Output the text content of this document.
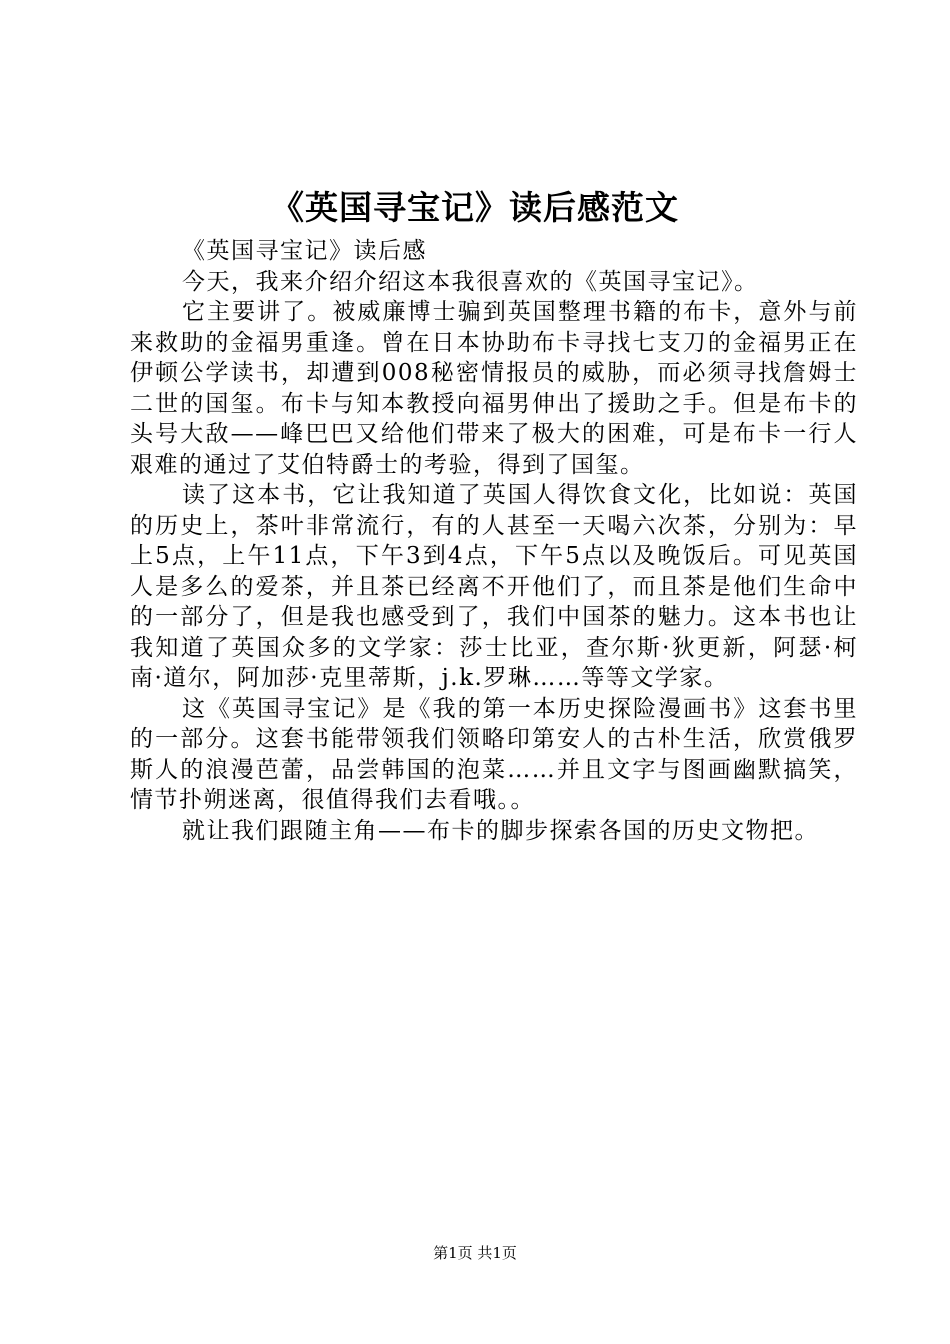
《英国寻宝记》读后感范文

《英国寻宝记》读后感

今天，我来介绍介绍这本我很喜欢的《英国寻宝记》。

它主要讲了。被威廉博士骗到英国整理书籍的布卡，意外与前来救助的金福男重逢。曾在日本协助布卡寻找七支刀的金福男正在伊顿公学读书，却遭到008秘密情报员的威胁，而必须寻找詹姆士二世的国玺。布卡与知本教授向福男伸出了援助之手。但是布卡的头号大敌——峰巴巴又给他们带来了极大的困难，可是布卡一行人艰难的通过了艾伯特爵士的考验，得到了国玺。

读了这本书，它让我知道了英国人得饮食文化，比如说：英国的历史上，茶叶非常流行，有的人甚至一天喝六次茶，分别为：早上5点，上午11点，下午3到4点，下午5点以及晚饭后。可见英国人是多么的爱茶，并且茶已经离不开他们了，而且茶是他们生命中的一部分了，但是我也感受到了，我们中国茶的魅力。这本书也让我知道了英国众多的文学家：莎士比亚，查尔斯·狄更新，阿瑟·柯南·道尔，阿加莎·克里蒂斯，j.k.罗琳……等等文学家。

这《英国寻宝记》是《我的第一本历史探险漫画书》这套书里的一部分。这套书能带领我们领略印第安人的古朴生活，欣赏俄罗斯人的浪漫芭蕾，品尝韩国的泡菜……并且文字与图画幽默搞笑，情节扑朔迷离，很值得我们去看哦。。

就让我们跟随主角——布卡的脚步探索各国的历史文物把。

第1页 共1页
